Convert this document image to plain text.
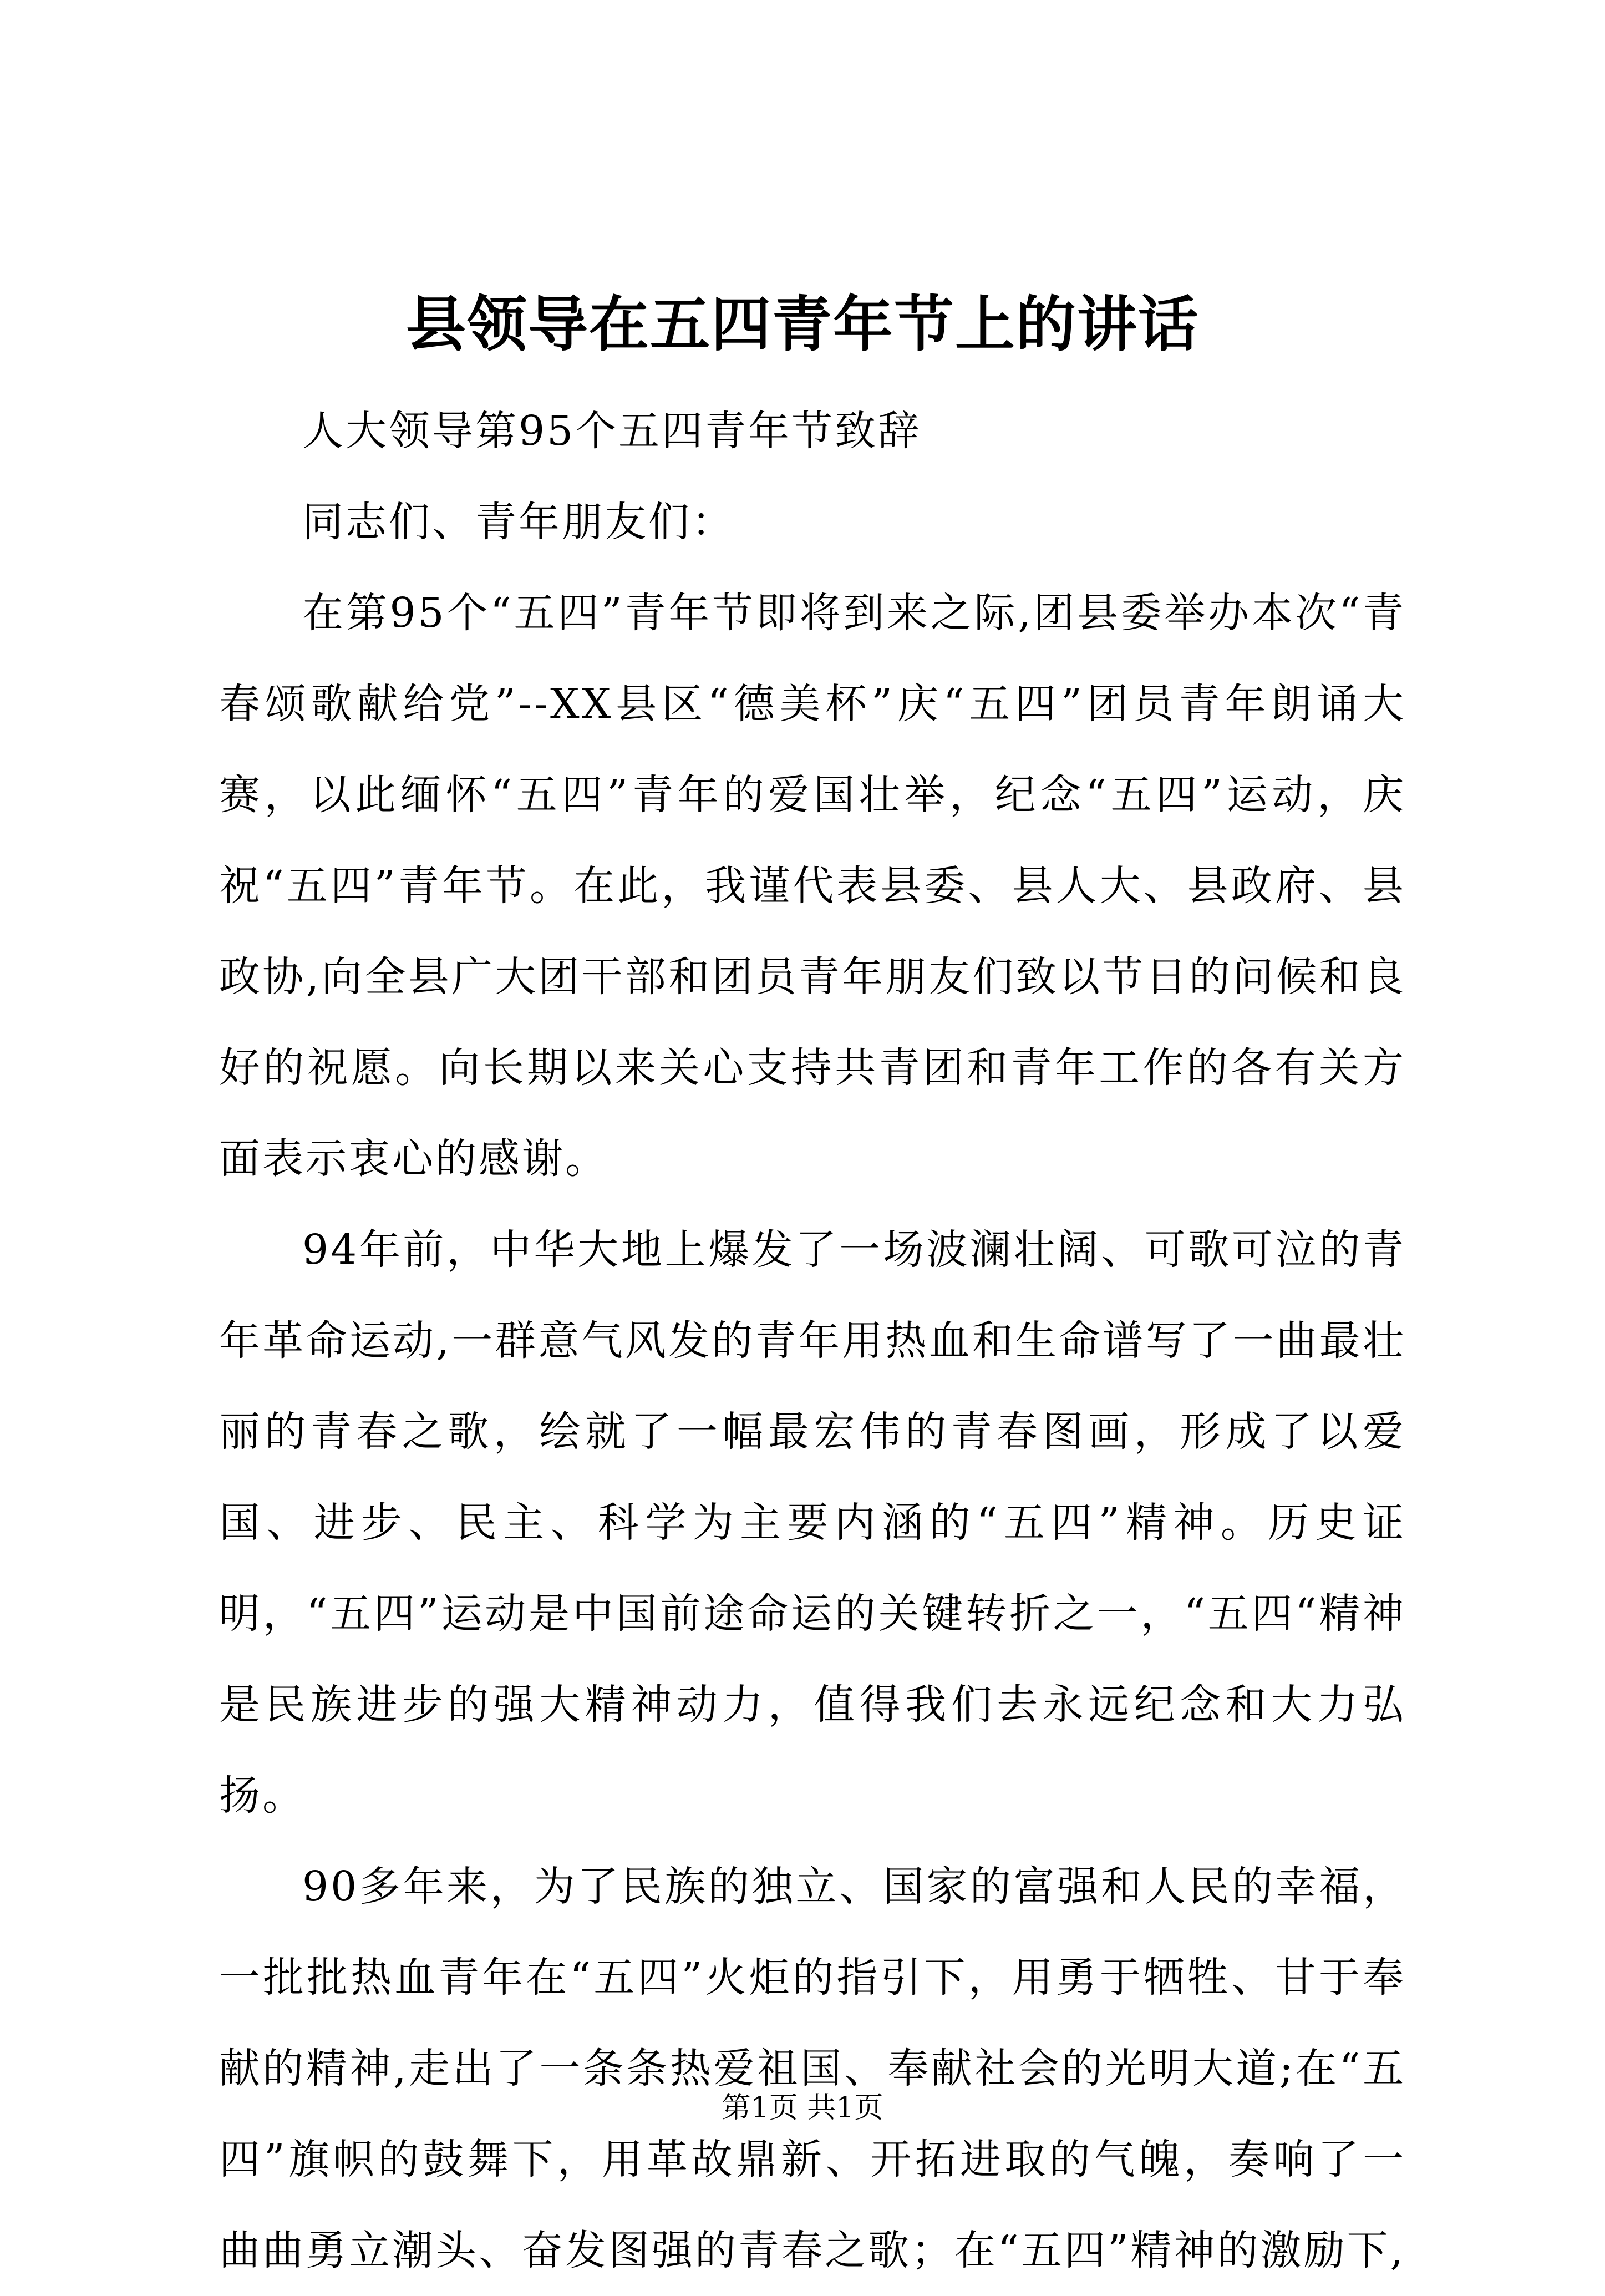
县领导在五四青年节上的讲话

人大领导第95个五四青年节致辞

同志们、青年朋友们：

在第95个“五四”青年节即将到来之际,团县委举办本次“青春颂歌献给党”--XX县区“德美杯”庆“五四”团员青年朗诵大赛，以此缅怀“五四”青年的爱国壮举，纪念“五四”运动，庆祝“五四”青年节。在此，我谨代表县委、县人大、县政府、县政协,向全县广大团干部和团员青年朋友们致以节日的问候和良好的祝愿。向长期以来关心支持共青团和青年工作的各有关方面表示衷心的感谢。

94年前，中华大地上爆发了一场波澜壮阔、可歌可泣的青年革命运动,一群意气风发的青年用热血和生命谱写了一曲最壮丽的青春之歌，绘就了一幅最宏伟的青春图画，形成了以爱国、进步、民主、科学为主要内涵的“五四”精神。历史证明，“五四”运动是中国前途命运的关键转折之一，“五四“精神是民族进步的强大精神动力，值得我们去永远纪念和大力弘扬。

90多年来，为了民族的独立、国家的富强和人民的幸福，一批批热血青年在“五四”火炬的指引下，用勇于牺牲、甘于奉献的精神,走出了一条条热爱祖国、奉献社会的光明大道;在“五四”旗帜的鼓舞下，用革故鼎新、开拓进取的气魄，奏响了一曲曲勇立潮头、奋发图强的青春之歌；在“五四”精神的激励下,

第1页 共1页
